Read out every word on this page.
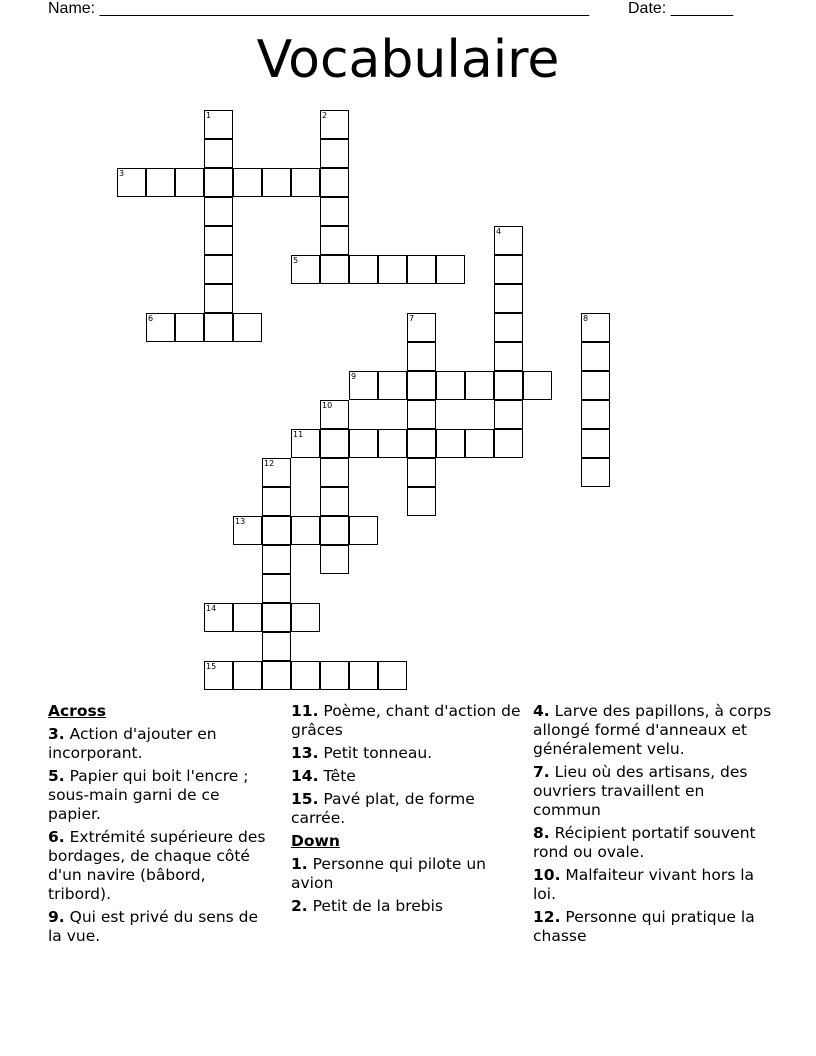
Name: _______________________________________________________ Date: _______
Vocabulaire
1	2
3
4
5
6	7	8
9
10
11
12
13
14
15
Across
3. Action d'ajouter en incorporant.
5. Papier qui boit l'encre ; sous-main garni de ce papier.
6. Extrémité supérieure des bordages, de chaque côté d'un navire (bâbord, tribord).
9. Qui est privé du sens de la vue.
11. Poème, chant d'action de grâces
13. Petit tonneau.
14. Tête
15. Pavé plat, de forme carrée.
Down
1. Personne qui pilote un avion
2. Petit de la brebis
4. Larve des papillons, à corps allongé formé d'anneaux et généralement velu.
7. Lieu où des artisans, des ouvriers travaillent en commun
8. Récipient portatif souvent rond ou ovale.
10. Malfaiteur vivant hors la loi.
12. Personne qui pratique la chasse
